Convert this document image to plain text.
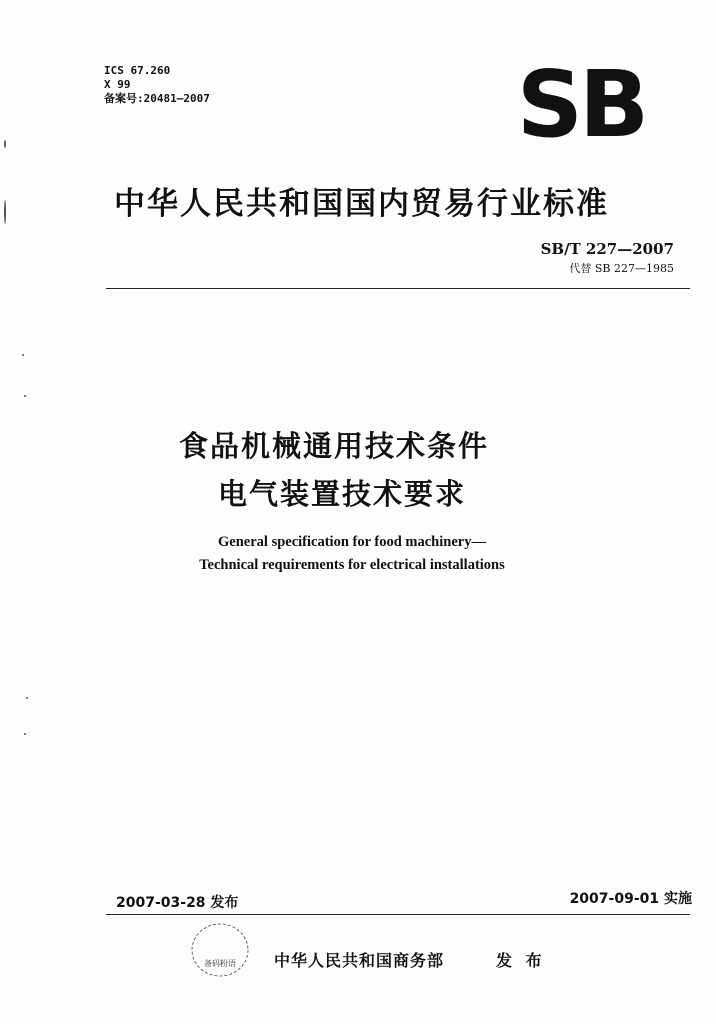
ICS 67.260
X 99
备案号:20481—2007	SB
中华人民共和国国内贸易行业标准
SB/T 227—2007
代替 SB 227—1985
食品机械通用技术条件
电气装置技术要求
General specification for food machinery—
Technical requirements for electrical installations
2007-03-28 发布	2007-09-01 实施
备码粉语 中华人民共和国商务部	发 布
